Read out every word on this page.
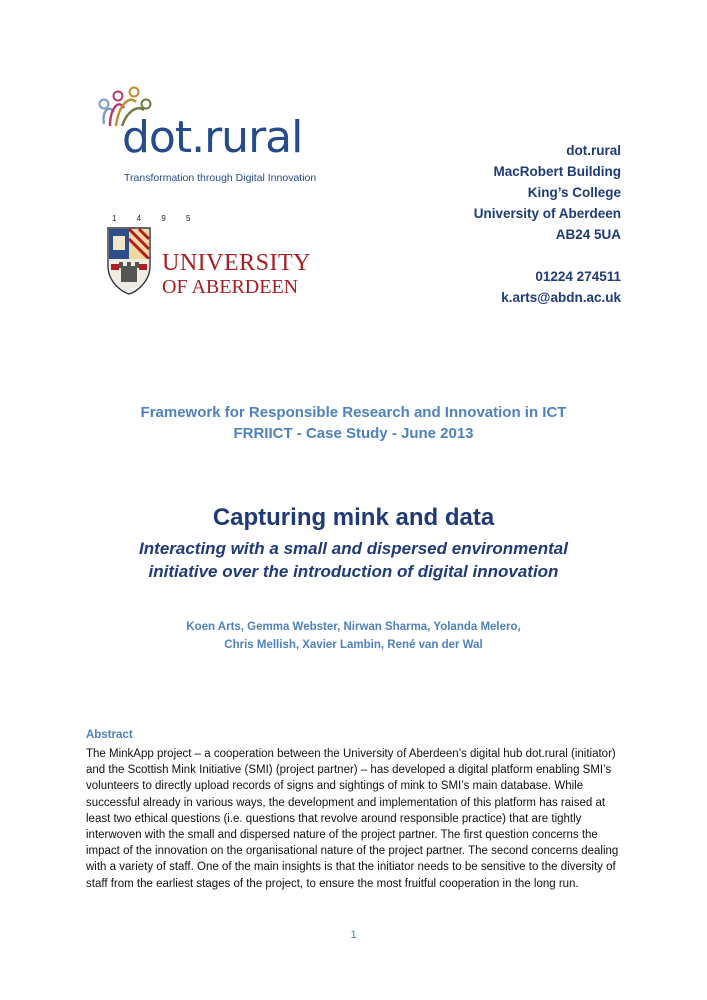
dot.rural
Transformation through Digital Innovation
1 4 9 5
UNIVERSITY
OF ABERDEEN
dot.rural
MacRobert Building
King’s College
University of Aberdeen
AB24 5UA
01224 274511
k.arts@abdn.ac.uk
Framework for Responsible Research and Innovation in ICT
FRRIICT - Case Study - June 2013
Capturing mink and data
Interacting with a small and dispersed environmental
initiative over the introduction of digital innovation
Koen Arts, Gemma Webster, Nirwan Sharma, Yolanda Melero,
Chris Mellish, Xavier Lambin, René van der Wal
Abstract
The MinkApp project – a cooperation between the University of Aberdeen’s digital hub dot.rural (initiator) and the Scottish Mink Initiative (SMI) (project partner) – has developed a digital platform enabling SMI’s volunteers to directly upload records of signs and sightings of mink to SMI’s main database. While successful already in various ways, the development and implementation of this platform has raised at least two ethical questions (i.e. questions that revolve around responsible practice) that are tightly interwoven with the small and dispersed nature of the project partner. The first question concerns the impact of the innovation on the organisational nature of the project partner. The second concerns dealing with a variety of staff. One of the main insights is that the initiator needs to be sensitive to the diversity of staff from the earliest stages of the project, to ensure the most fruitful cooperation in the long run.
1
